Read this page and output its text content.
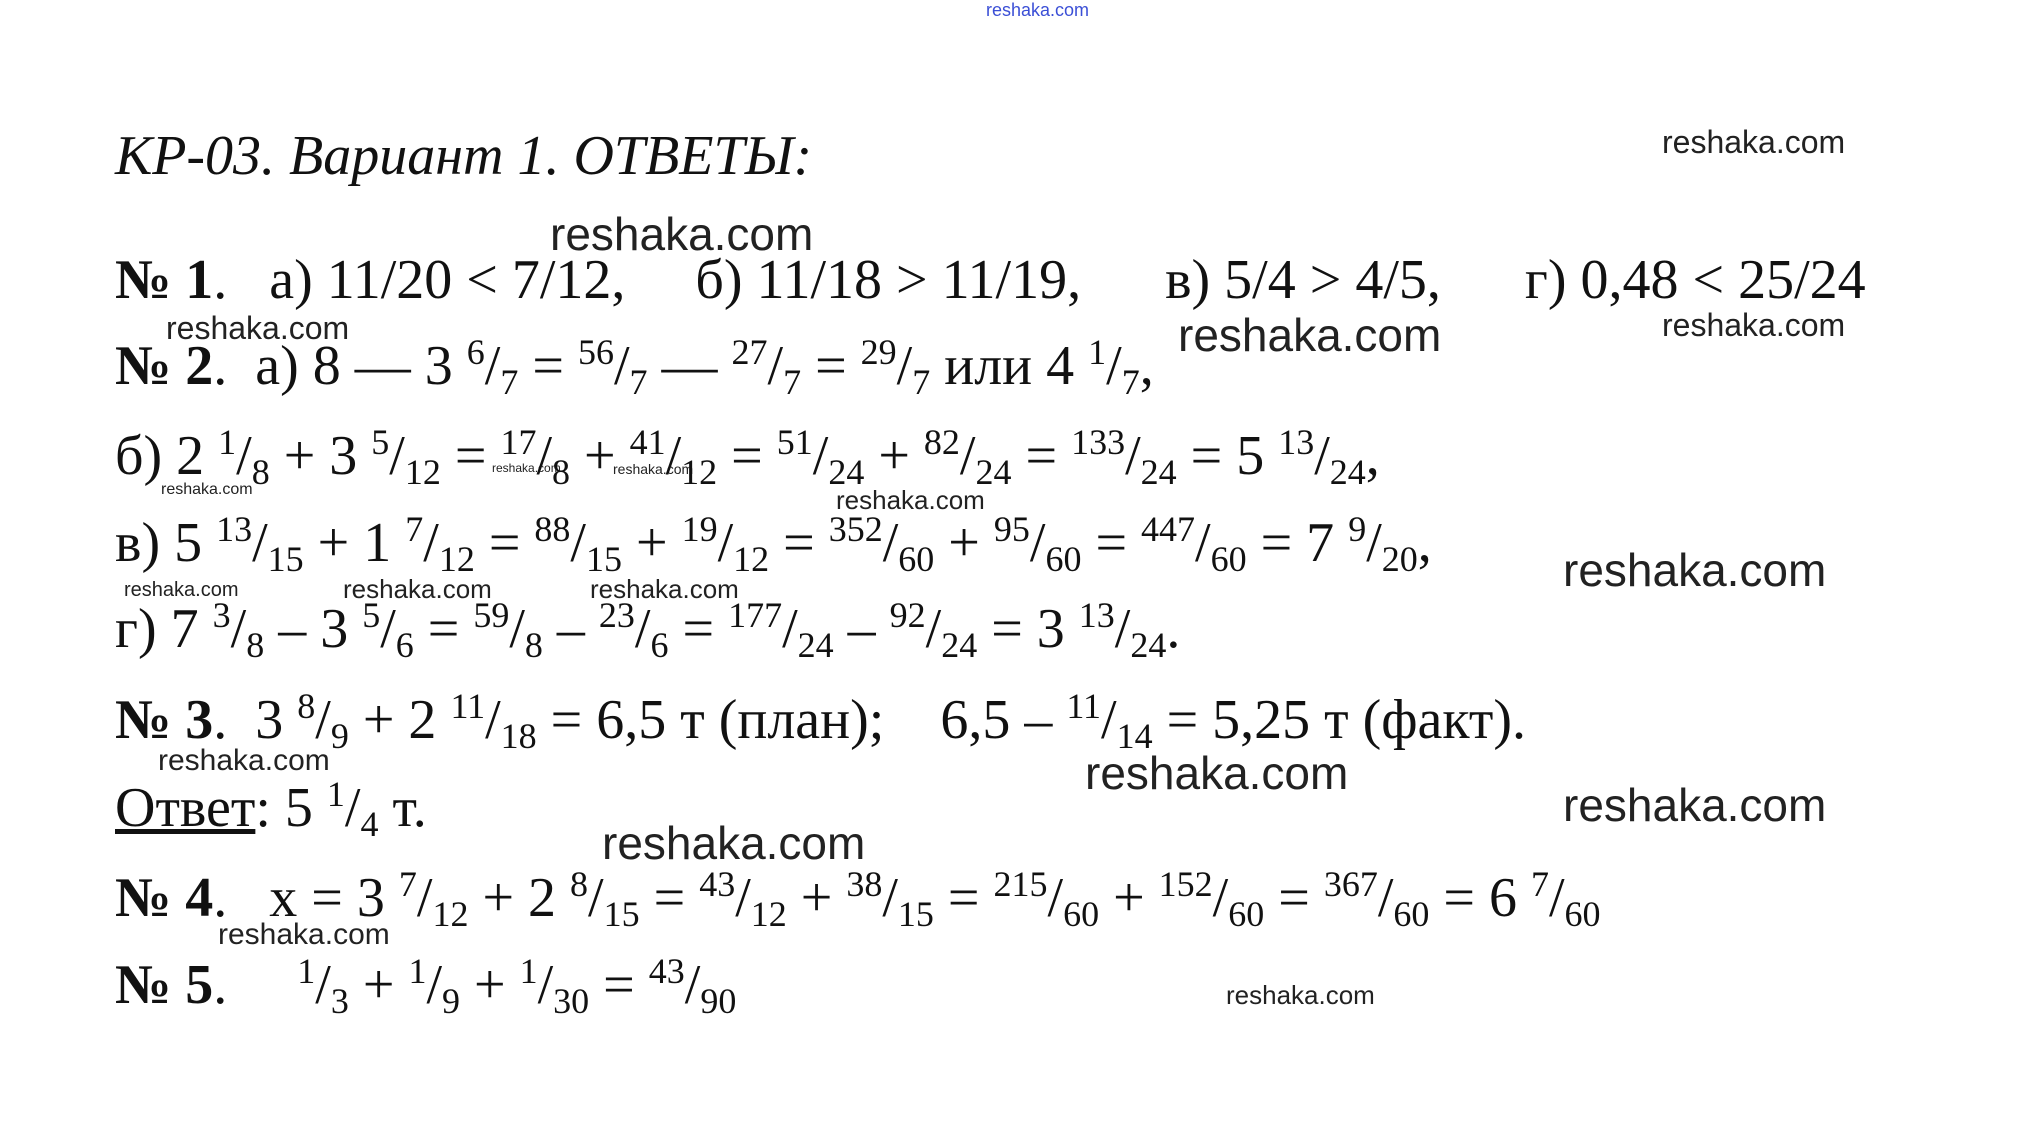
reshaka.com
reshaka.com
reshaka.com
reshaka.com	reshaka.com	reshaka.com
reshaka.com	reshaka.com
reshaka.com	reshaka.com
reshaka.com	reshaka.com	reshaka.com	reshaka.com
reshaka.com	reshaka.com
reshaka.com
reshaka.com
reshaka.com
reshaka.com
КР-03. Вариант 1. ОТВЕТЫ:
№ 1.   а) 11/20 < 7/12, б) 11/18 > 11/19, в) 5/4 > 4/5, г) 0,48 < 25/24
№ 2.  а) 8 — 3 $^6/_7 = ^{56}/_7$ — $^{27}/_7 = ^{29}/_7$ или 4 $^1/_7$,
б) 2 $^1/_8 + 3$ $^5/_{12} = ^{17}/_8 + ^{41}/_{12} = ^{51}/_{24} + ^{82}/_{24} = ^{133}/_{24} = 5$ $^{13}/_{24}$,
в) 5 $^{13}/_{15} + 1$ $^7/_{12} = ^{88}/_{15} + ^{19}/_{12} = ^{352}/_{60} + ^{95}/_{60} = ^{447}/_{60} = 7$ $^9/_{20}$,
г) 7 $^3/_8 - 3$ $^5/_6 = ^{59}/_8 - ^{23}/_6 = ^{177}/_{24} - ^{92}/_{24} = 3$ $^{13}/_{24}$.
№ 3.  3 $^8/_9 + 2$ $^{11}/_{18} = 6,5$ т (план); $6,5 - ^{11}/_{14} = 5,25$ т (факт).
Ответ: 5 $^1/_4$ т.
№ 4.   x = 3 $^7/_{12} + 2$ $^8/_{15} = ^{43}/_{12} + ^{38}/_{15} = ^{215}/_{60} + ^{152}/_{60} = ^{367}/_{60} = 6$ $^7/_{60}$
№ 5.     $^1/_3 + ^1/_9 + ^1/_{30} = ^{43}/_{90}$
